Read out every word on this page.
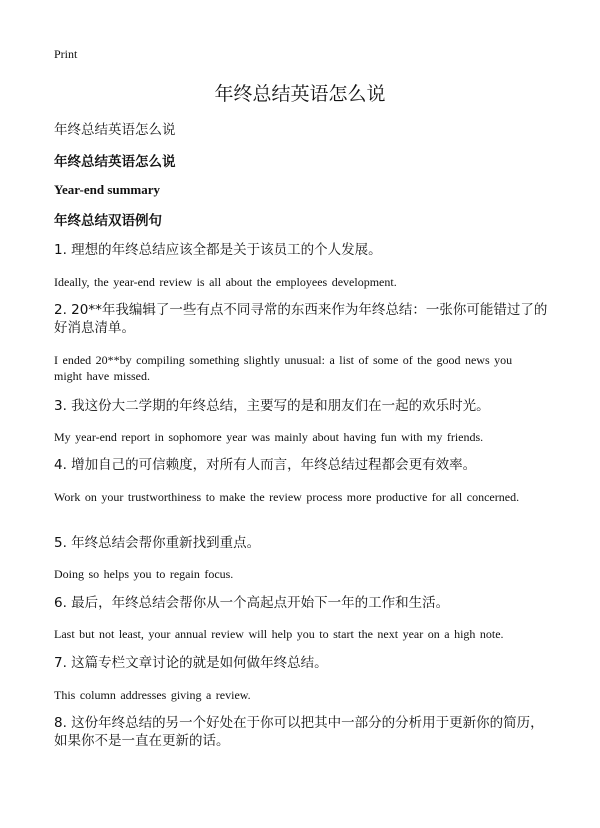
Print
年终总结英语怎么说

年终总结英语怎么说

年终总结英语怎么说

Year-end summary

年终总结双语例句

1. 理想的年终总结应该全都是关于该员工的个人发展。

Ideally, the year-end review is all about the employees development.

2. 20**年我编辑了一些有点不同寻常的东西来作为年终总结：一张你可能错过了的好消息清单。

I ended 20**by compiling something slightly unusual: a list of some of the good news you might have missed.

3. 我这份大二学期的年终总结，主要写的是和朋友们在一起的欢乐时光。

My year-end report in sophomore year was mainly about having fun with my friends.

4. 增加自己的可信赖度，对所有人而言，年终总结过程都会更有效率。

Work on your trustworthiness to make the review process more productive for all concerned.

5. 年终总结会帮你重新找到重点。

Doing so helps you to regain focus.

6. 最后，年终总结会帮你从一个高起点开始下一年的工作和生活。

Last but not least, your annual review will help you to start the next year on a high note.

7. 这篇专栏文章讨论的就是如何做年终总结。

This column addresses giving a review.

8. 这份年终总结的另一个好处在于你可以把其中一部分的分析用于更新你的简历，如果你不是一直在更新的话。
